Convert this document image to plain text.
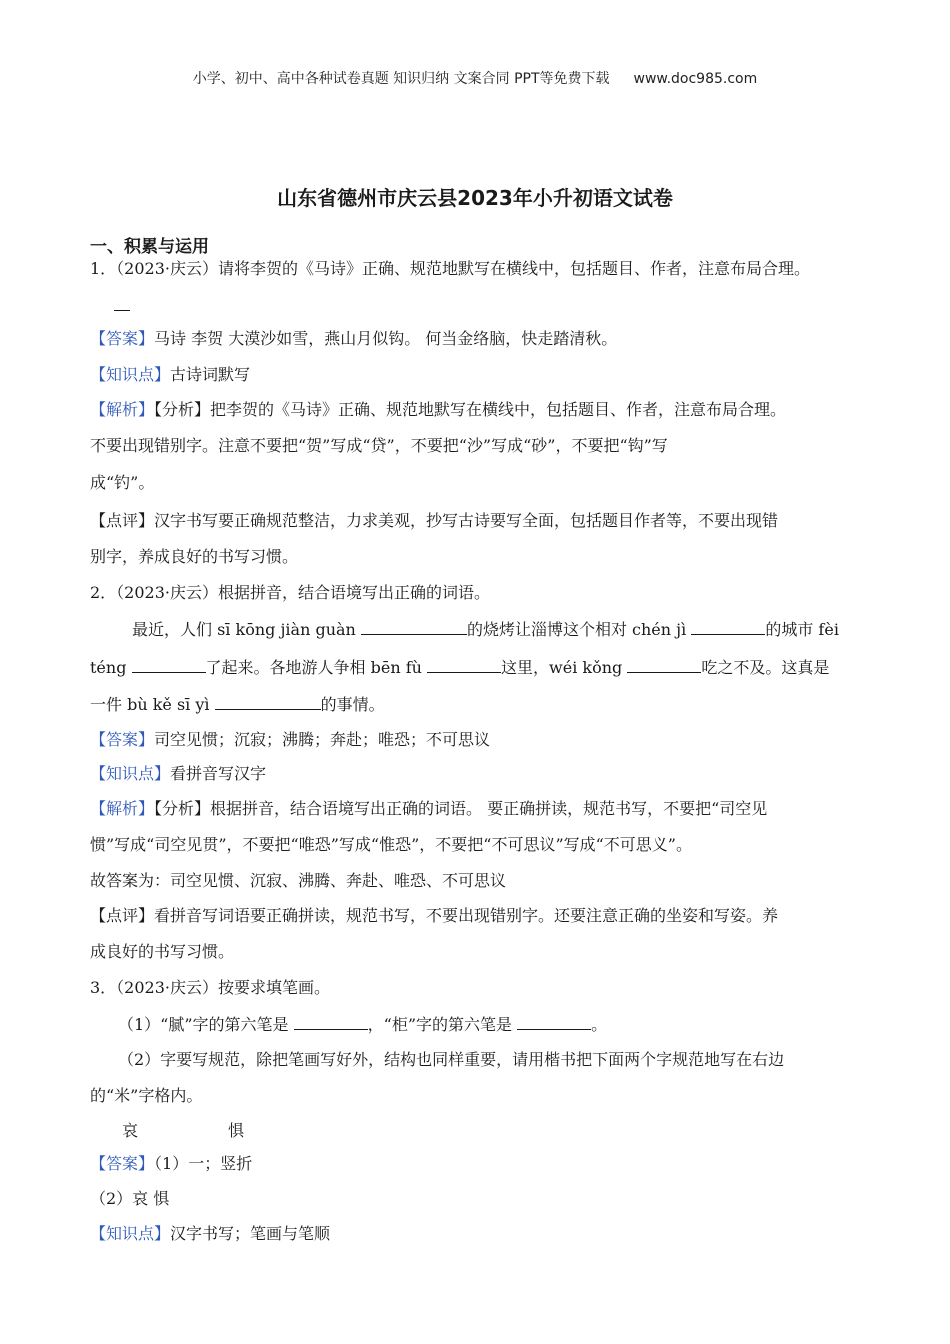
小学、初中、高中各种试卷真题 知识归纳 文案合同 PPT等免费下载 www.doc985.com
山东省德州市庆云县2023年小升初语文试卷
一、积累与运用
1．（2023·庆云）请将李贺的《马诗》正确、规范地默写在横线中，包括题目、作者，注意布局合理。
【答案】马诗 李贺 大漠沙如雪，燕山月似钩。 何当金络脑，快走踏清秋。
【知识点】古诗词默写
【解析】【分析】把李贺的《马诗》正确、规范地默写在横线中，包括题目、作者，注意布局合理。
不要出现错别字。注意不要把“贺”写成“贷”，不要把“沙”写成“砂”，不要把“钩”写
成“钓”。
【点评】汉字书写要正确规范整洁，力求美观，抄写古诗要写全面，包括题目作者等，不要出现错
别字，养成良好的书写习惯。
2．（2023·庆云）根据拼音，结合语境写出正确的词语。
最近，人们 sī kōng jiàn guàn	的烧烤让淄博这个相对 chén jì	的城市 fèi
téng	了起来。各地游人争相 bēn fù	这里，wéi kǒng	吃之不及。这真是
一件 bù kě sī yì	的事情。
【答案】司空见惯；沉寂；沸腾；奔赴；唯恐；不可思议
【知识点】看拼音写汉字
【解析】【分析】根据拼音，结合语境写出正确的词语。 要正确拼读，规范书写，不要把“司空见
惯”写成“司空见贯”，不要把“唯恐”写成“惟恐”，不要把“不可思议”写成“不可思义”。
故答案为：司空见惯、沉寂、沸腾、奔赴、唯恐、不可思议
【点评】看拼音写词语要正确拼读，规范书写，不要出现错别字。还要注意正确的坐姿和写姿。养
成良好的书写习惯。
3．（2023·庆云）按要求填笔画。
（1）“腻”字的第六笔是	，“柜”字的第六笔是	。
（2）字要写规范，除把笔画写好外，结构也同样重要，请用楷书把下面两个字规范地写在右边
的“米”字格内。
哀	惧
【答案】（1）一；竖折
（2）哀 惧
【知识点】汉字书写；笔画与笔顺
